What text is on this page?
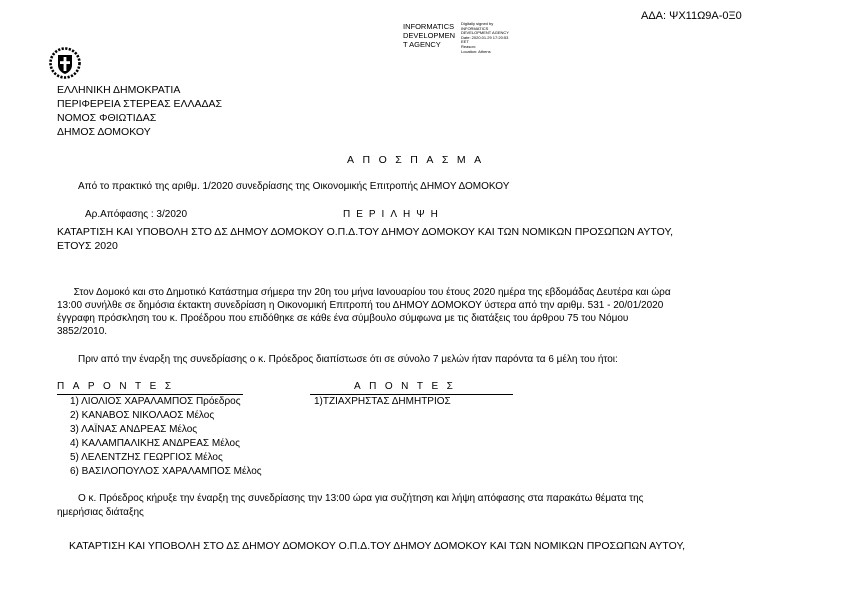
ΑΔΑ: ΨΧ11Ω9Α-0Ξ0
INFORMATICS
DEVELOPMEN
T AGENCY
Digitally signed by
INFORMATICS
DEVELOPMENT AGENCY
Date: 2020.01.29 17:20:53
EET
Reason:
Location: Athens
ΕΛΛΗΝΙΚΗ ΔΗΜΟΚΡΑΤΙΑ
ΠΕΡΙΦΕΡΕΙΑ ΣΤΕΡΕΑΣ ΕΛΛΑΔΑΣ
ΝΟΜΟΣ ΦΘΙΩΤΙΔΑΣ
ΔΗΜΟΣ ΔΟΜΟΚΟΥ
ΑΠΟΣΠΑΣΜΑ
Από το πρακτικό της αριθμ. 1/2020 συνεδρίασης της Οικονομικής Επιτροπής ΔΗΜΟΥ ΔΟΜΟΚΟΥ
Αρ.Απόφασης : 3/2020	ΠΕΡΙΛΗΨΗ
ΚΑΤΑΡΤΙΣΗ ΚΑΙ ΥΠΟΒΟΛΗ ΣΤΟ ΔΣ ΔΗΜΟΥ ΔΟΜΟΚΟΥ Ο.Π.Δ.ΤΟΥ ΔΗΜΟΥ ΔΟΜΟΚΟΥ ΚΑΙ ΤΩΝ ΝΟΜΙΚΩΝ ΠΡΟΣΩΠΩΝ ΑΥΤΟΥ,
ΕΤΟΥΣ 2020
Στον Δομοκό και στο Δημοτικό Κατάστημα σήμερα την 20η του μήνα Ιανουαρίου του έτους 2020 ημέρα της εβδομάδας Δευτέρα και ώρα
13:00 συνήλθε σε δημόσια έκτακτη συνεδρίαση η Οικονομική Επιτροπή του ΔΗΜΟΥ ΔΟΜΟΚΟΥ ύστερα από την αριθμ. 531 - 20/01/2020
έγγραφη πρόσκληση του κ. Προέδρου που επιδόθηκε σε κάθε ένα σύμβουλο σύμφωνα με τις διατάξεις του άρθρου 75 του Νόμου
3852/2010.
Πριν από την έναρξη της συνεδρίασης ο κ. Πρόεδρος διαπίστωσε ότι σε σύνολο 7 μελών ήταν παρόντα τα 6 μέλη του ήτοι:
ΠΑΡΟΝΤΕΣ	ΑΠΟΝΤΕΣ
1) ΛΙΟΛΙΟΣ ΧΑΡΑΛΑΜΠΟΣ Πρόεδρος
2) ΚΑΝΑΒΟΣ ΝΙΚΟΛΑΟΣ Μέλος
3) ΛΑΪΝΑΣ ΑΝΔΡΕΑΣ Μέλος
4) ΚΑΛΑΜΠΑΛΙΚΗΣ ΑΝΔΡΕΑΣ Μέλος
5) ΛΕΛΕΝΤΖΗΣ ΓΕΩΡΓΙΟΣ Μέλος
6) ΒΑΣΙΛΟΠΟΥΛΟΣ ΧΑΡΑΛΑΜΠΟΣ Μέλος
1)ΤΖΙΑΧΡΗΣΤΑΣ ΔΗΜΗΤΡΙΟΣ
O κ. Πρόεδρος κήρυξε την έναρξη της συνεδρίασης την 13:00 ώρα για συζήτηση και λήψη απόφασης στα παρακάτω θέματα της
ημερήσιας διάταξης
ΚΑΤΑΡΤΙΣΗ ΚΑΙ ΥΠΟΒΟΛΗ ΣΤΟ ΔΣ ΔΗΜΟΥ ΔΟΜΟΚΟΥ Ο.Π.Δ.ΤΟΥ ΔΗΜΟΥ ΔΟΜΟΚΟΥ ΚΑΙ ΤΩΝ ΝΟΜΙΚΩΝ ΠΡΟΣΩΠΩΝ ΑΥΤΟΥ,
